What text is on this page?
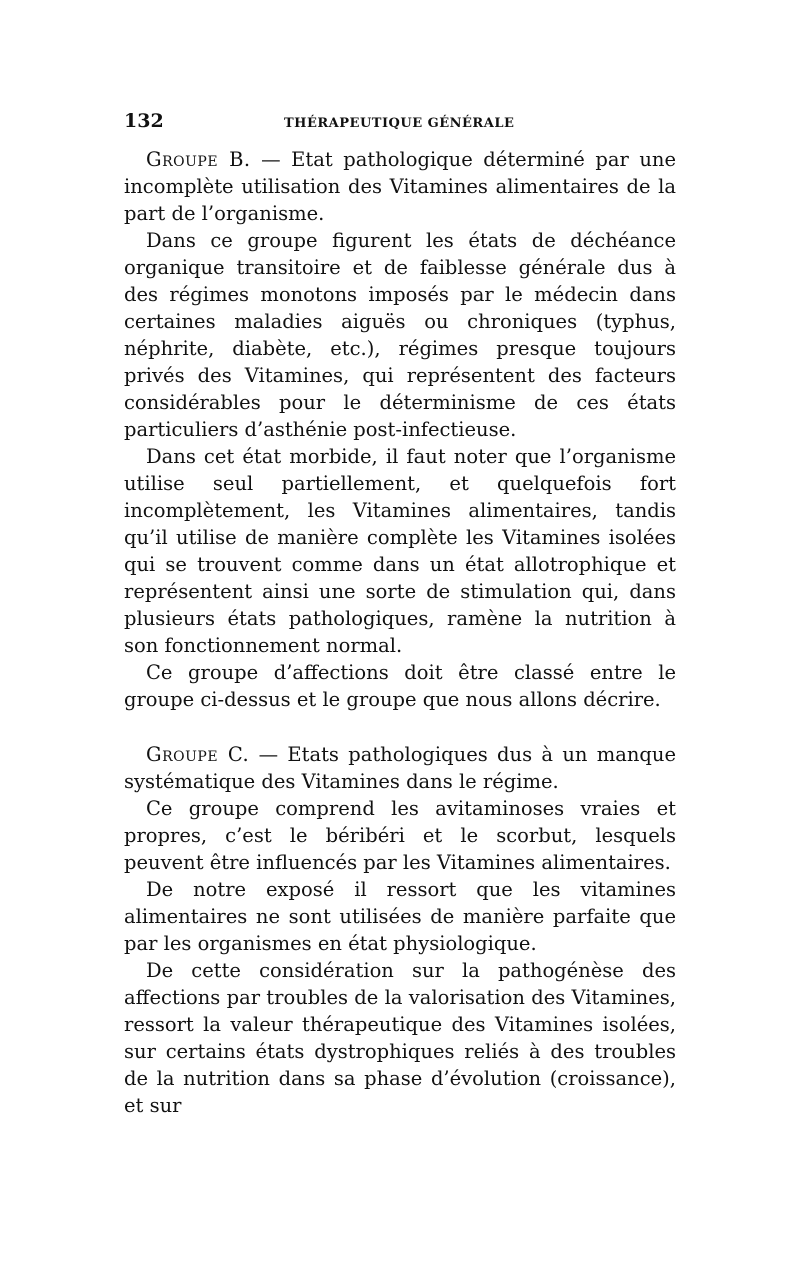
132	THÉRAPEUTIQUE GÉNÉRALE

Groupe B. — Etat pathologique déterminé par une incomplète utilisation des Vitamines alimentaires de la part de l’organisme.

Dans ce groupe figurent les états de déchéance organique transitoire et de faiblesse générale dus à des régimes monotons imposés par le médecin dans certaines maladies aiguës ou chroniques (typhus, néphrite, diabète, etc.), régimes presque toujours privés des Vitamines, qui représentent des facteurs considérables pour le déterminisme de ces états particuliers d’asthénie post-infectieuse.

Dans cet état morbide, il faut noter que l’organisme utilise seul partiellement, et quelquefois fort incomplètement, les Vitamines alimentaires, tandis qu’il utilise de manière complète les Vitamines isolées qui se trouvent comme dans un état allotrophique et représentent ainsi une sorte de stimulation qui, dans plusieurs états pathologiques, ramène la nutrition à son fonctionnement normal.

Ce groupe d’affections doit être classé entre le groupe ci-dessus et le groupe que nous allons décrire.

Groupe C. — Etats pathologiques dus à un manque systématique des Vitamines dans le régime.

Ce groupe comprend les avitaminoses vraies et propres, c’est le béribéri et le scorbut, lesquels peuvent être influencés par les Vitamines alimentaires.

De notre exposé il ressort que les vitamines alimentaires ne sont utilisées de manière parfaite que par les organismes en état physiologique.

De cette considération sur la pathogénèse des affections par troubles de la valorisation des Vitamines, ressort la valeur thérapeutique des Vitamines isolées, sur certains états dystrophiques reliés à des troubles de la nutrition dans sa phase d’évolution (croissance), et sur
